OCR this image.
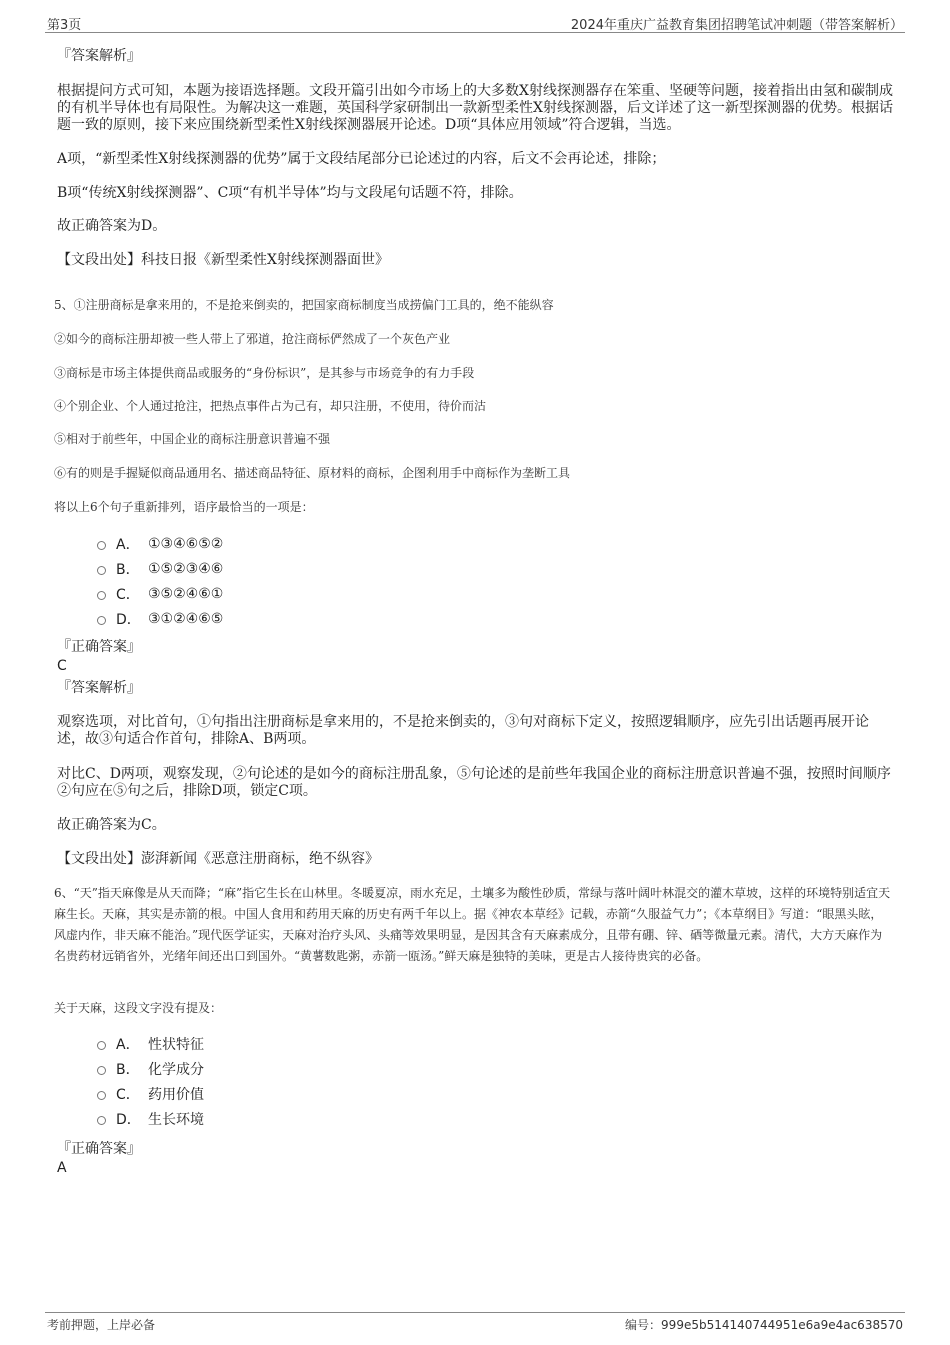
第3页	2024年重庆广益教育集团招聘笔试冲刺题（带答案解析）
『答案解析』

根据提问方式可知，本题为接语选择题。文段开篇引出如今市场上的大多数X射线探测器存在笨重、坚硬等问题，接着指出由氢和碳制成的有机半导体也有局限性。为解决这一难题，英国科学家研制出一款新型柔性X射线探测器，后文详述了这一新型探测器的优势。根据话题一致的原则，接下来应围绕新型柔性X射线探测器展开论述。D项“具体应用领域”符合逻辑，当选。

A项，“新型柔性X射线探测器的优势”属于文段结尾部分已论述过的内容，后文不会再论述，排除；

B项“传统X射线探测器”、C项“有机半导体”均与文段尾句话题不符，排除。

故正确答案为D。

【文段出处】科技日报《新型柔性X射线探测器面世》

5、①注册商标是拿来用的，不是抢来倒卖的，把国家商标制度当成捞偏门工具的，绝不能纵容

②如今的商标注册却被一些人带上了邪道，抢注商标俨然成了一个灰色产业

③商标是市场主体提供商品或服务的“身份标识”，是其参与市场竞争的有力手段

④个别企业、个人通过抢注，把热点事件占为己有，却只注册，不使用，待价而沽

⑤相对于前些年，中国企业的商标注册意识普遍不强

⑥有的则是手握疑似商品通用名、描述商品特征、原材料的商标，企图利用手中商标作为垄断工具

将以上6个句子重新排列，语序最恰当的一项是：

A． ①③④⑥⑤②
B． ①⑤②③④⑥
C． ③⑤②④⑥①
D． ③①②④⑥⑤
『正确答案』
C
『答案解析』

观察选项，对比首句，①句指出注册商标是拿来用的，不是抢来倒卖的，③句对商标下定义，按照逻辑顺序，应先引出话题再展开论述，故③句适合作首句，排除A、B两项。

对比C、D两项，观察发现，②句论述的是如今的商标注册乱象，⑤句论述的是前些年我国企业的商标注册意识普遍不强，按照时间顺序②句应在⑤句之后，排除D项，锁定C项。

故正确答案为C。

【文段出处】澎湃新闻《恶意注册商标，绝不纵容》

6、“天”指天麻像是从天而降；“麻”指它生长在山林里。冬暖夏凉，雨水充足，土壤多为酸性砂质，常绿与落叶阔叶林混交的灌木草坡，这样的环境特别适宜天麻生长。天麻，其实是赤箭的根。中国人食用和药用天麻的历史有两千年以上。据《神农本草经》记载，赤箭“久服益气力”；《本草纲目》写道：“眼黑头眩，风虚内作，非天麻不能治。”现代医学证实，天麻对治疗头风、头痛等效果明显，是因其含有天麻素成分，且带有硼、锌、硒等微量元素。清代，大方天麻作为名贵药材远销省外，光绪年间还出口到国外。“黄薯数匙粥，赤箭一瓯汤。”鲜天麻是独特的美味，更是古人接待贵宾的必备。

关于天麻，这段文字没有提及：

A． 性状特征
B． 化学成分
C． 药用价值
D． 生长环境
『正确答案』
A
考前押题，上岸必备	编号：999e5b514140744951e6a9e4ac638570
